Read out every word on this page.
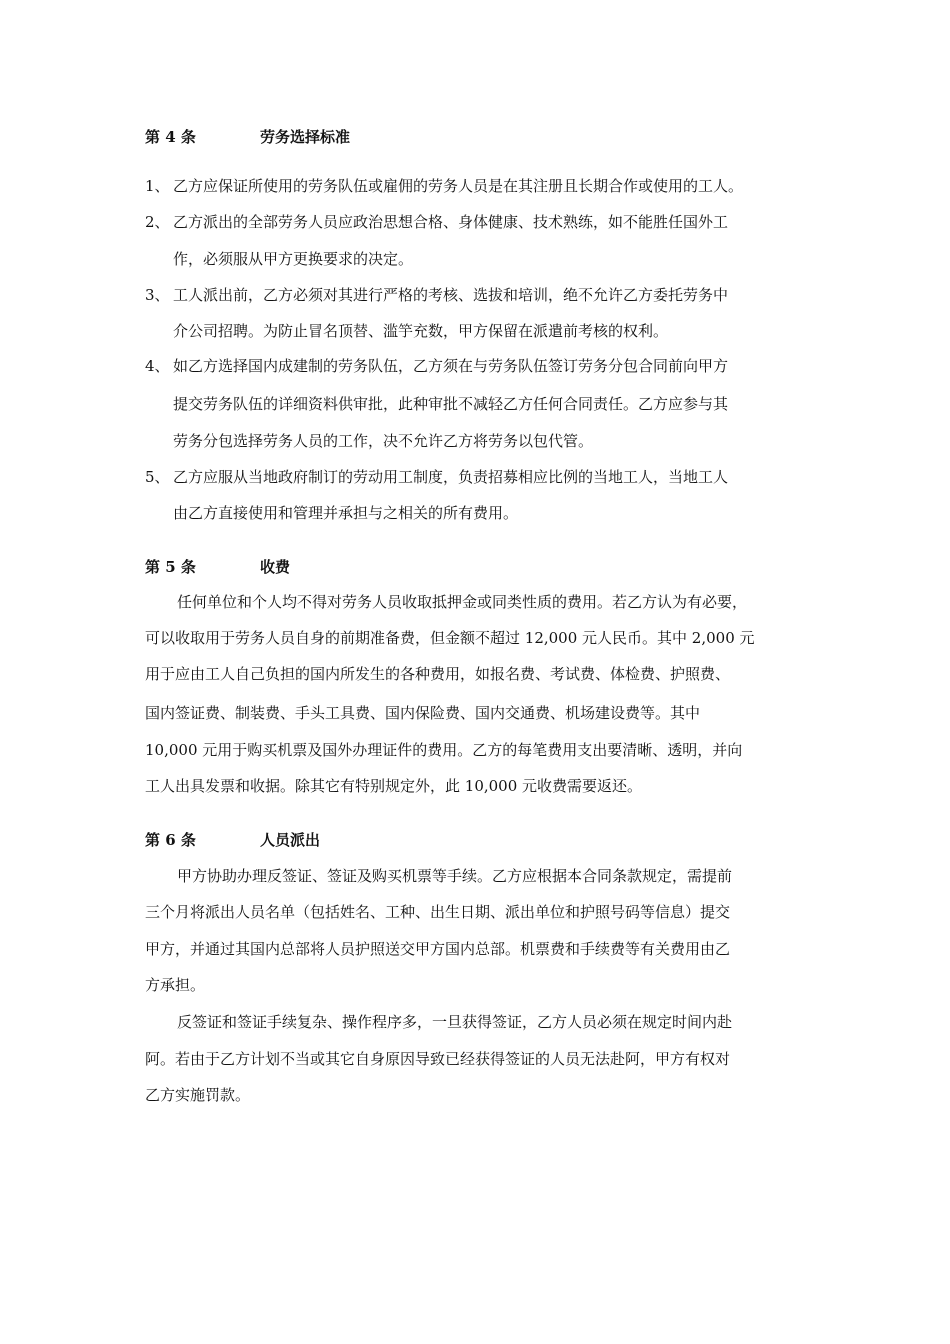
第 4 条	劳务选择标准
1、 乙方应保证所使用的劳务队伍或雇佣的劳务人员是在其注册且长期合作或使用的工人。
2、 乙方派出的全部劳务人员应政治思想合格、身体健康、技术熟练，如不能胜任国外工
作，必须服从甲方更换要求的决定。
3、 工人派出前，乙方必须对其进行严格的考核、选拔和培训，绝不允许乙方委托劳务中
介公司招聘。为防止冒名顶替、滥竽充数，甲方保留在派遣前考核的权利。
4、 如乙方选择国内成建制的劳务队伍，乙方须在与劳务队伍签订劳务分包合同前向甲方
提交劳务队伍的详细资料供审批，此种审批不减轻乙方任何合同责任。乙方应参与其
劳务分包选择劳务人员的工作，决不允许乙方将劳务以包代管。
5、 乙方应服从当地政府制订的劳动用工制度，负责招募相应比例的当地工人，当地工人
由乙方直接使用和管理并承担与之相关的所有费用。
第 5 条	收费
任何单位和个人均不得对劳务人员收取抵押金或同类性质的费用。若乙方认为有必要，
可以收取用于劳务人员自身的前期准备费，但金额不超过 12,000 元人民币。其中 2,000 元
用于应由工人自己负担的国内所发生的各种费用，如报名费、考试费、体检费、护照费、
国内签证费、制装费、手头工具费、国内保险费、国内交通费、机场建设费等。其中
10,000 元用于购买机票及国外办理证件的费用。乙方的每笔费用支出要清晰、透明，并向
工人出具发票和收据。除其它有特别规定外，此 10,000 元收费需要返还。
第 6 条	人员派出
甲方协助办理反签证、签证及购买机票等手续。乙方应根据本合同条款规定，需提前
三个月将派出人员名单（包括姓名、工种、出生日期、派出单位和护照号码等信息）提交
甲方，并通过其国内总部将人员护照送交甲方国内总部。机票费和手续费等有关费用由乙
方承担。
反签证和签证手续复杂、操作程序多，一旦获得签证，乙方人员必须在规定时间内赴
阿。若由于乙方计划不当或其它自身原因导致已经获得签证的人员无法赴阿，甲方有权对
乙方实施罚款。
